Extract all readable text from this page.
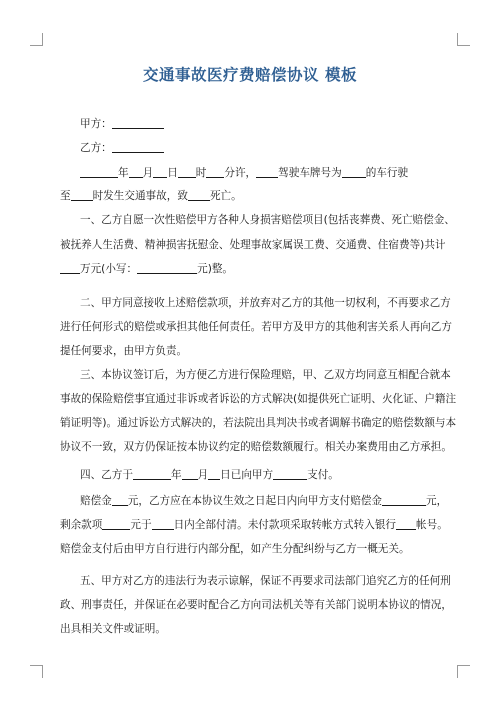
交通事故医疗费赔偿协议 模板
甲方：
乙方：
年 月 日 时 分许， 驾驶车牌号为 的车行驶
至 时发生交通事故，致 死亡。
一、乙方自愿一次性赔偿甲方各种人身损害赔偿项目(包括丧葬费、死亡赔偿金、
被抚养人生活费、精神损害抚慰金、处理事故家属误工费、交通费、住宿费等)共计
万元(小写：	元)整。
二、甲方同意接收上述赔偿款项，并放弃对乙方的其他一切权利，不再要求乙方
进行任何形式的赔偿或承担其他任何责任。若甲方及甲方的其他利害关系人再向乙方
提任何要求，由甲方负责。
三、本协议签订后，为方便乙方进行保险理赔，甲、乙双方均同意互相配合就本
事故的保险赔偿事宜通过非诉或者诉讼的方式解决(如提供死亡证明、火化证、户籍注
销证明等)。通过诉讼方式解决的，若法院出具判决书或者调解书确定的赔偿数额与本
协议不一致，双方仍保证按本协议约定的赔偿数额履行。相关办案费用由乙方承担。
四、乙方于	年 月 日已向甲方	支付。
赔偿金 元，乙方应在本协议生效之日起日内向甲方支付赔偿金	元，
剩余款项	元于 日内全部付清。未付款项采取转帐方式转入银行 帐号。
赔偿金支付后由甲方自行进行内部分配，如产生分配纠纷与乙方一概无关。
五、甲方对乙方的违法行为表示谅解，保证不再要求司法部门追究乙方的任何刑
政、刑事责任，并保证在必要时配合乙方向司法机关等有关部门说明本协议的情况，
出具相关文件或证明。
